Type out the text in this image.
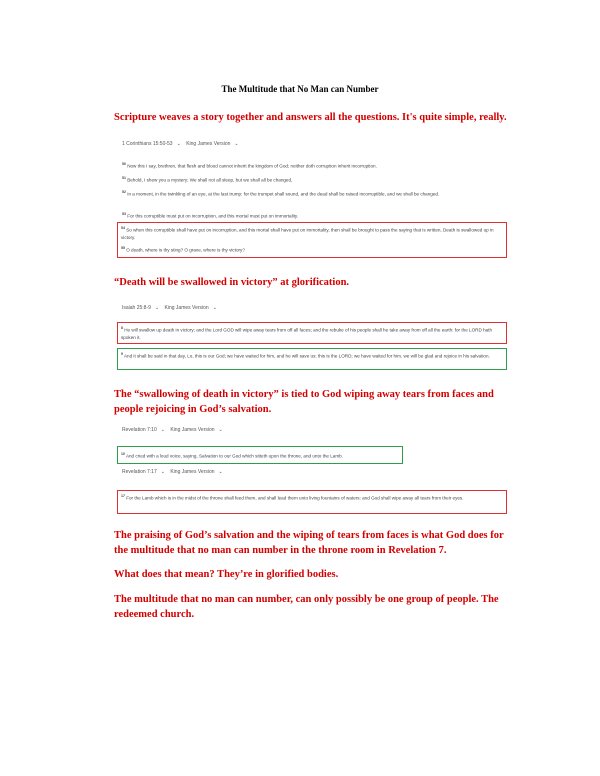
The Multitude that No Man can Number
Scripture weaves a story together and answers all the questions. It's quite simple, really.
1 Corinthians 15:50-53 ⌄ King James Version ⌄
$^{50}$ Now this I say, brethren, that flesh and blood cannot inherit the kingdom of God; neither doth corruption inherit incorruption.
$^{51}$ Behold, I shew you a mystery; We shall not all sleep, but we shall all be changed,
$^{52}$ In a moment, in the twinkling of an eye, at the last trump: for the trumpet shall sound, and the dead shall be raised incorruptible, and we shall be changed.
$^{53}$ For this corruptible must put on incorruption, and this mortal must put on immortality.
$^{54}$ So when this corruptible shall have put on incorruption, and this mortal shall have put on immortality, then shall be brought to pass the saying that is written, Death is swallowed up in victory.
$^{55}$ O death, where is thy sting? O grave, where is thy victory?
“Death will be swallowed in victory” at glorification.
Isaiah 25:8-9 ⌄ King James Version ⌄
$^8$ He will swallow up death in victory; and the Lord GOD will wipe away tears from off all faces; and the rebuke of his people shall he take away from off all the earth: for the LORD hath spoken it.
$^9$ And it shall be said in that day, Lo, this is our God; we have waited for him, and he will save us: this is the LORD; we have waited for him, we will be glad and rejoice in his salvation.
The “swallowing of death in victory” is tied to God wiping away tears from faces and people rejoicing in God’s salvation.
Revelation 7:10 ⌄ King James Version ⌄
$^{10}$ And cried with a loud voice, saying, Salvation to our God which sitteth upon the throne, and unto the Lamb.
Revelation 7:17 ⌄ King James Version ⌄
$^{17}$ For the Lamb which is in the midst of the throne shall feed them, and shall lead them unto living fountains of waters: and God shall wipe away all tears from their eyes.
The praising of God’s salvation and the wiping of tears from faces is what God does for the multitude that no man can number in the throne room in Revelation 7.
What does that mean? They’re in glorified bodies.
The multitude that no man can number, can only possibly be one group of people. The redeemed church.
